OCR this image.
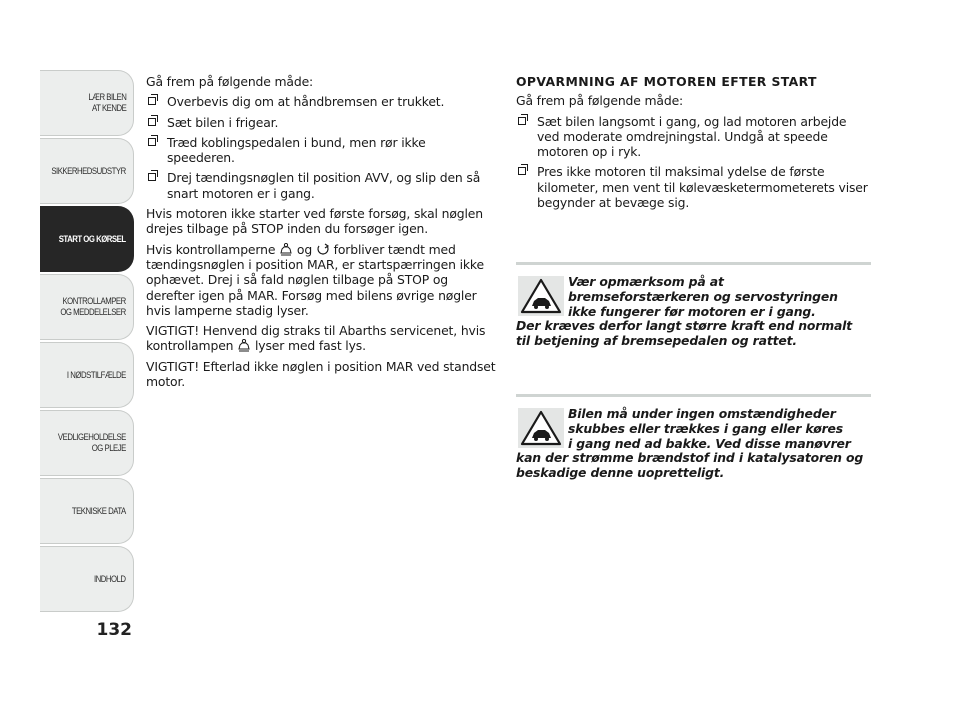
LÆR BILEN
AT KENDE
SIKKERHEDSUDSTYR
START OG KØRSEL
KONTROLLAMPER
OG MEDDELELSER
I NØDSTILFÆLDE
VEDLIGEHOLDELSE
OG PLEJE
TEKNISKE DATA
INDHOLD
132

Gå frem på følgende måde:

Overbevis dig om at håndbremsen er trukket.
Sæt bilen i frigear.
Træd koblingspedalen i bund, men rør ikke speederen.
Drej tændingsnøglen til position AVV, og slip den så snart motoren er i gang.

Hvis motoren ikke starter ved første forsøg, skal nøglen drejes tilbage på STOP inden du forsøger igen.

Hvis kontrollamperne og forbliver tændt med tændingsnøglen i position MAR, er startspærringen ikke ophævet. Drej i så fald nøglen tilbage på STOP og derefter igen på MAR. Forsøg med bilens øvrige nøgler hvis lamperne stadig lyser.

VIGTIGT! Henvend dig straks til Abarths servicenet, hvis kontrollampen lyser med fast lys.

VIGTIGT! Efterlad ikke nøglen i position MAR ved standset motor.

OPVARMNING AF MOTOREN EFTER START

Gå frem på følgende måde:

Sæt bilen langsomt i gang, og lad motoren arbejde ved moderate omdrejningstal. Undgå at speede motoren op i ryk.
Pres ikke motoren til maksimal ydelse de første kilometer, men vent til kølevæsketermometerets viser begynder at bevæge sig.
Vær opmærksom på at
bremseforstærkeren og servostyringen
ikke fungerer før motoren er i gang.
Der kræves derfor langt større kraft end normalt
til betjening af bremsepedalen og rattet.
Bilen må under ingen omstændigheder
skubbes eller trækkes i gang eller køres
i gang ned ad bakke. Ved disse manøvrer
kan der strømme brændstof ind i katalysatoren og
beskadige denne uopretteligt.
